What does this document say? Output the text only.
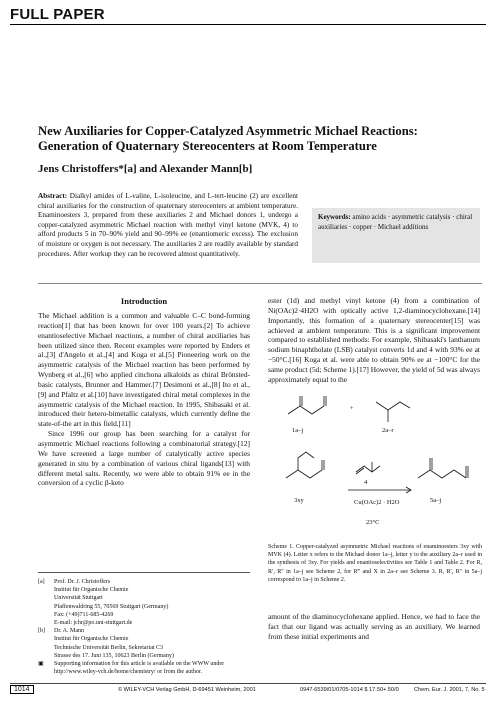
FULL PAPER
New Auxiliaries for Copper-Catalyzed Asymmetric Michael Reactions: Generation of Quaternary Stereocenters at Room Temperature
Jens Christoffers*[a] and Alexander Mann[b]
Abstract: Dialkyl amides of L-valine, L-isoleucine, and L-tert-leucine (2) are excellent chiral auxiliaries for the construction of quaternary stereocenters at ambient temperature. Enaminoesters 3, prepared from these auxiliaries 2 and Michael donors 1, undergo a copper-catalyzed asymmetric Michael reaction with methyl vinyl ketone (MVK, 4) to afford products 5 in 70–90% yield and 90–99% ee (enantiomeric excess). The exclusion of moisture or oxygen is not necessary. The auxiliaries 2 are readily available by standard procedures. After workup they can be recovered almost quantitatively.
Keywords: amino acids · asymmetric catalysis · chiral auxiliaries · copper · Michael additions
Introduction

The Michael addition is a common and valuable C–C bond-forming reaction[1] that has been known for over 100 years.[2] To achieve enantioselective Michael reactions, a number of chiral auxiliaries has been utilized since then. Recent examples were reported by Enders et al.,[3] d'Angelo et al.,[4] and Koga et al.[5] Pioneering work on the asymmetric catalysis of the Michael reaction has been performed by Wynberg et al.,[6] who applied cinchona alkaloids as chiral Brönsted-basic catalysts, Brunner and Hammer.[7] Desimoni et al.,[8] Ito et al.,[9] and Pfaltz et al.[10] have investigated chiral metal complexes in the asymmetric catalysis of the Michael reaction. In 1995, Shibasaki et al. introduced their hetero-bimetallic catalysts, which currently define the state-of-the art in this field.[11]

Since 1996 our group has been searching for a catalyst for asymmetric Michael reactions following a combinatorial strategy.[12] We have screened a large number of catalytically active species generated in situ by a combination of various chiral ligands[13] with different metal salts. Recently, we were able to obtain 91% ee in the conversion of a cyclic β-keto

[a] Prof. Dr. J. Christoffers
Institut für Organische Chemie
Universität Stuttgart
Pfaffenwaldring 55, 70569 Stuttgart (Germany)
Fax: (+49)711-685-4269
E-mail: jchr@po.uni-stuttgart.de
[b] Dr. A. Mann
Institut für Organische Chemie
Technische Universität Berlin, Sekretariat C3
Strasse des 17. Juni 135, 10623 Berlin (Germany)
▣ Supporting information for this article is available on the WWW under
http://www.wiley-vch.de/home/chemistry/ or from the author.

ester (1d) and methyl vinyl ketone (4) from a combination of Ni(OAc)2·4H2O with optically active 1,2-diaminocyclohexane.[14] Importantly, this formation of a quaternary stereocenter[15] was achieved at ambient temperature. This is a significant improvement compared to established methods: For example, Shibasaki's lanthanum sodium binaphtholate (LSB) catalyst converts 1d and 4 with 93% ee at −50°C.[16] Koga et al. were able to obtain 90% ee at −100°C for the same product (5d; Scheme 1).[17] However, the yield of 5d was always approximately equal to the

1a–j
+
2a–r
3xy
4
Cu(OAc)2 · H2O
23°C
5a–j
Scheme 1. Copper-catalyzed asymmetric Michael reactions of enaminoesters 3xy with MVK (4). Letter x refers to the Michael donor 1a–j, letter y to the auxiliary 2a–r used in the synthesis of 3xy. For yields and enantioselectivities see Table 1 and Table 2. For R, R′, R″ in 1a–j see Scheme 2, for R‴ and X in 2a–r see Scheme 3. R, R′, R″ in 5a–j correspond to 1a–j in Scheme 2.

amount of the diaminocyclohexane applied. Hence, we had to face the fact that our ligand was actually serving as an auxiliary. We learned from these initial experiments and

1014	© WILEY-VCH Verlag GmbH, D-69451 Weinheim, 2001	0947-6539/01/0705-1014 $ 17.50+.50/0	Chem. Eur. J. 2001, 7, No. 5
